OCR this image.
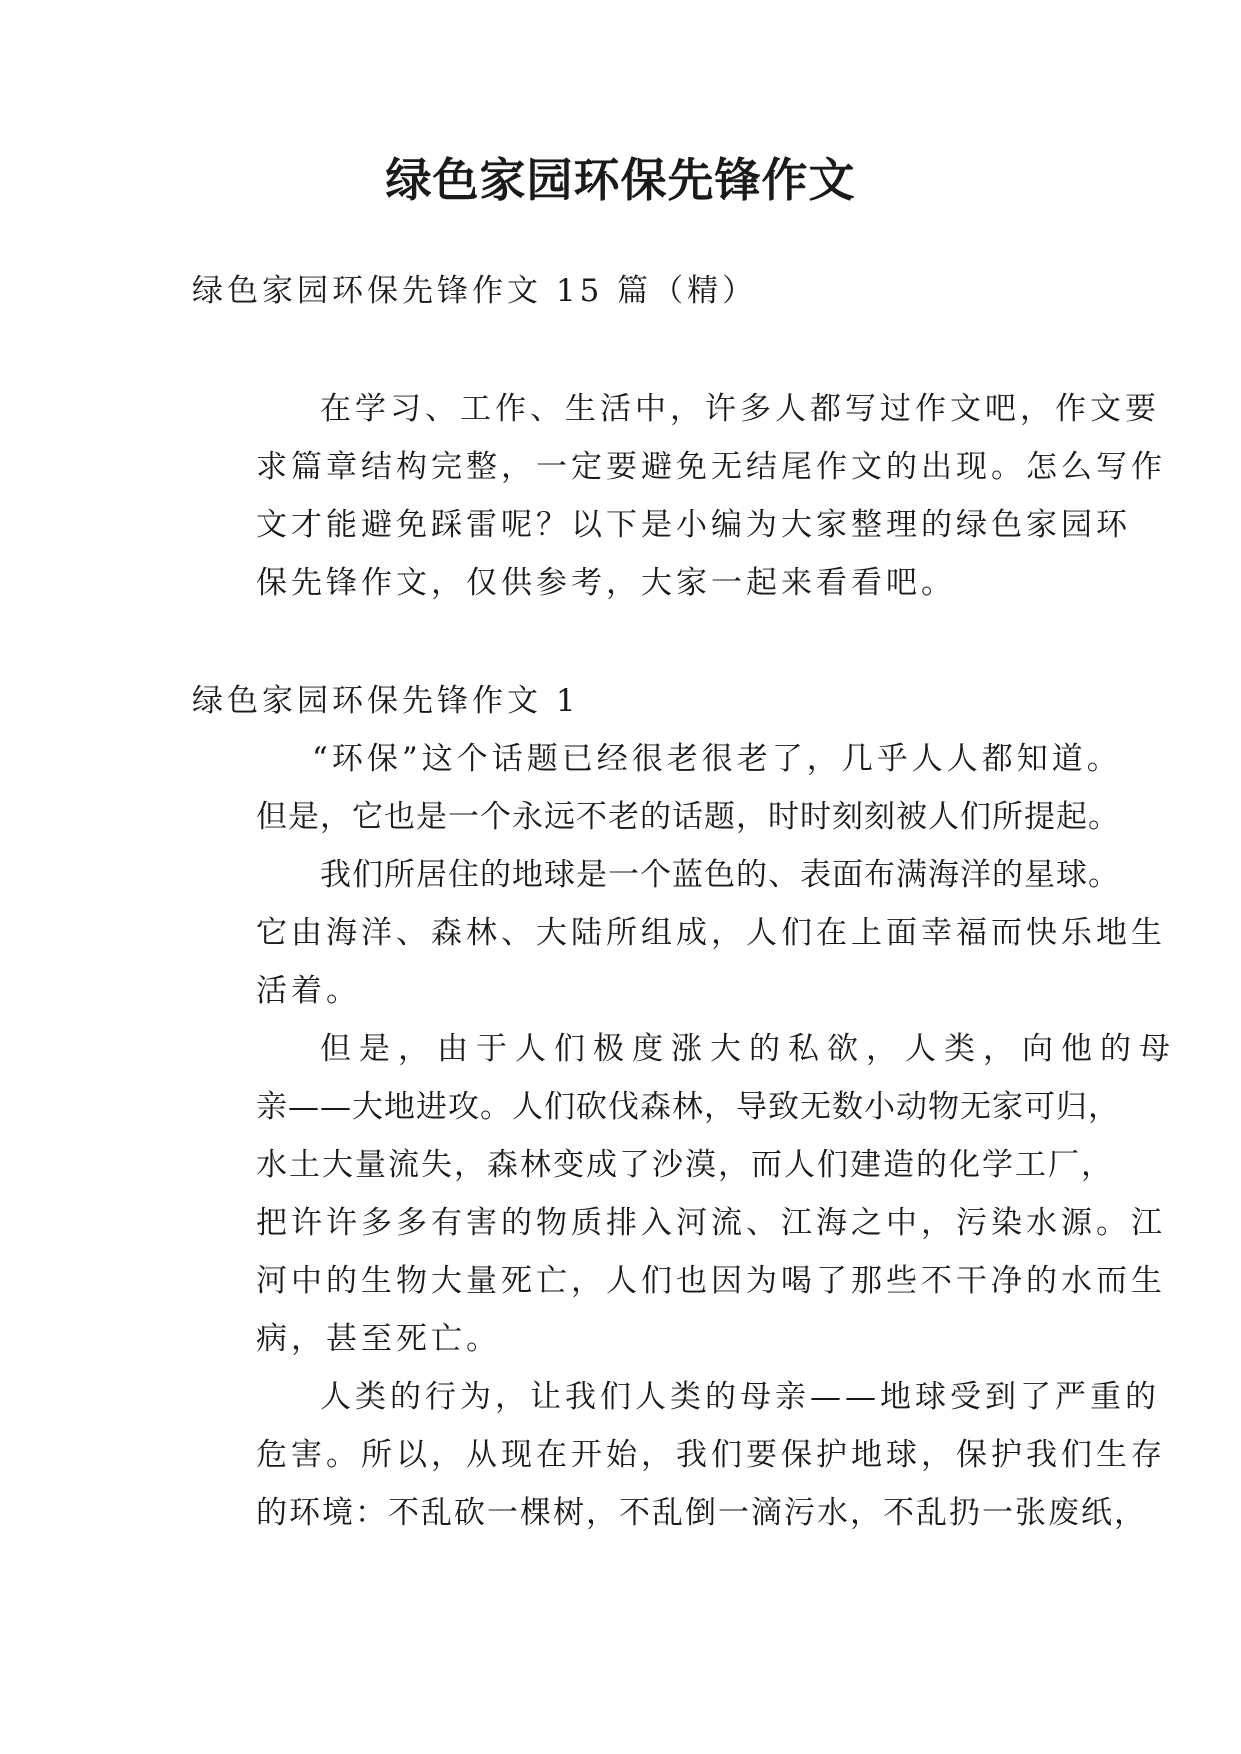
绿色家园环保先锋作文

绿色家园环保先锋作文 15 篇（精）

在学习、工作、生活中，许多人都写过作文吧，作文要
求篇章结构完整，一定要避免无结尾作文的出现。怎么写作
文才能避免踩雷呢？以下是小编为大家整理的绿色家园环
保先锋作文，仅供参考，大家一起来看看吧。

绿色家园环保先锋作文 1

“环保”这个话题已经很老很老了，几乎人人都知道。
但是，它也是一个永远不老的话题，时时刻刻被人们所提起。

我们所居住的地球是一个蓝色的、表面布满海洋的星球。
它由海洋、森林、大陆所组成，人们在上面幸福而快乐地生
活着。

但是，由于人们极度涨大的私欲，人类，向他的母
亲——大地进攻。人们砍伐森林，导致无数小动物无家可归，
水土大量流失，森林变成了沙漠，而人们建造的化学工厂，
把许许多多有害的物质排入河流、江海之中，污染水源。江
河中的生物大量死亡，人们也因为喝了那些不干净的水而生
病，甚至死亡。

人类的行为，让我们人类的母亲——地球受到了严重的
危害。所以，从现在开始，我们要保护地球，保护我们生存
的环境：不乱砍一棵树，不乱倒一滴污水，不乱扔一张废纸，
